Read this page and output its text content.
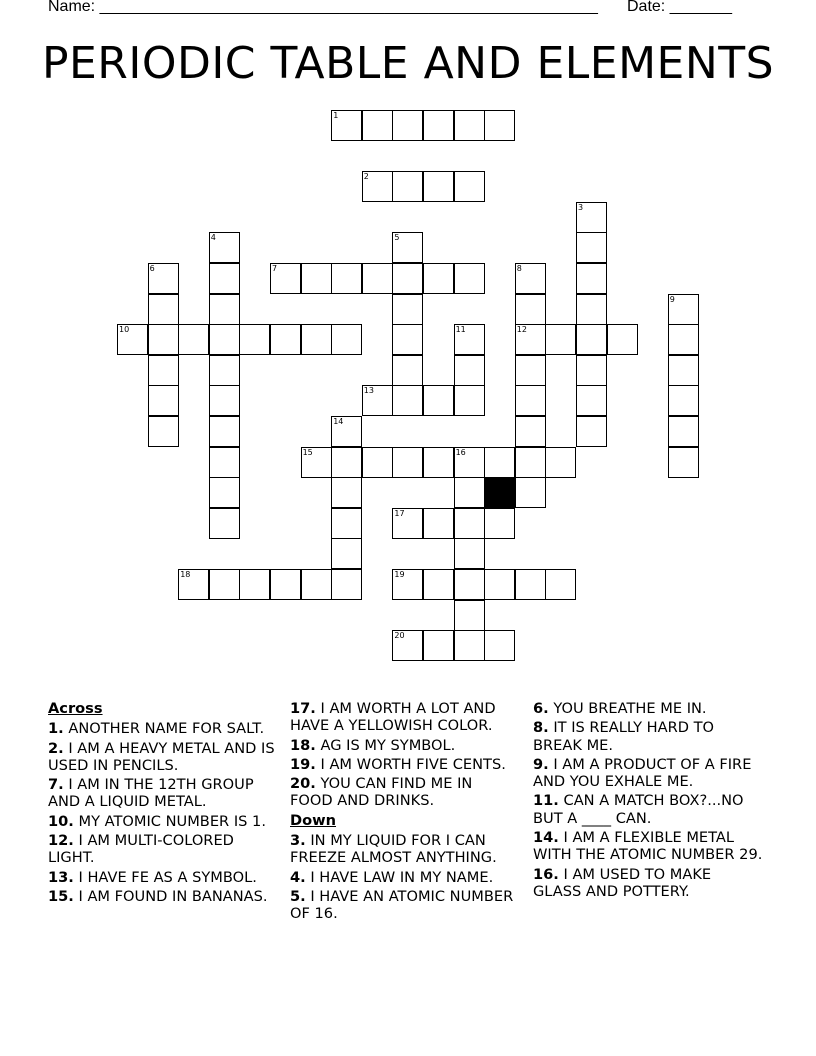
Name: ________________________________________________________ Date: _______
PERIODIC TABLE AND ELEMENTS
1
2
3
4	5
6	7	8
12
9
10	11
13
14
15	16
17
18	19
20

Across

1. ANOTHER NAME FOR SALT.

2. I AM A HEAVY METAL AND IS USED IN PENCILS.

7. I AM IN THE 12TH GROUP AND A LIQUID METAL.

10. MY ATOMIC NUMBER IS 1.

12. I AM MULTI-COLORED LIGHT.

13. I HAVE FE AS A SYMBOL.

15. I AM FOUND IN BANANAS.

17. I AM WORTH A LOT AND HAVE A YELLOWISH COLOR.

18. AG IS MY SYMBOL.

19. I AM WORTH FIVE CENTS.

20. YOU CAN FIND ME IN FOOD AND DRINKS.

Down

3. IN MY LIQUID FOR I CAN FREEZE ALMOST ANYTHING.

4. I HAVE LAW IN MY NAME.

5. I HAVE AN ATOMIC NUMBER OF 16.

6. YOU BREATHE ME IN.

8. IT IS REALLY HARD TO BREAK ME.

9. I AM A PRODUCT OF A FIRE AND YOU EXHALE ME.

11. CAN A MATCH BOX?...NO BUT A ____ CAN.

14. I AM A FLEXIBLE METAL WITH THE ATOMIC NUMBER 29.

16. I AM USED TO MAKE GLASS AND POTTERY.
